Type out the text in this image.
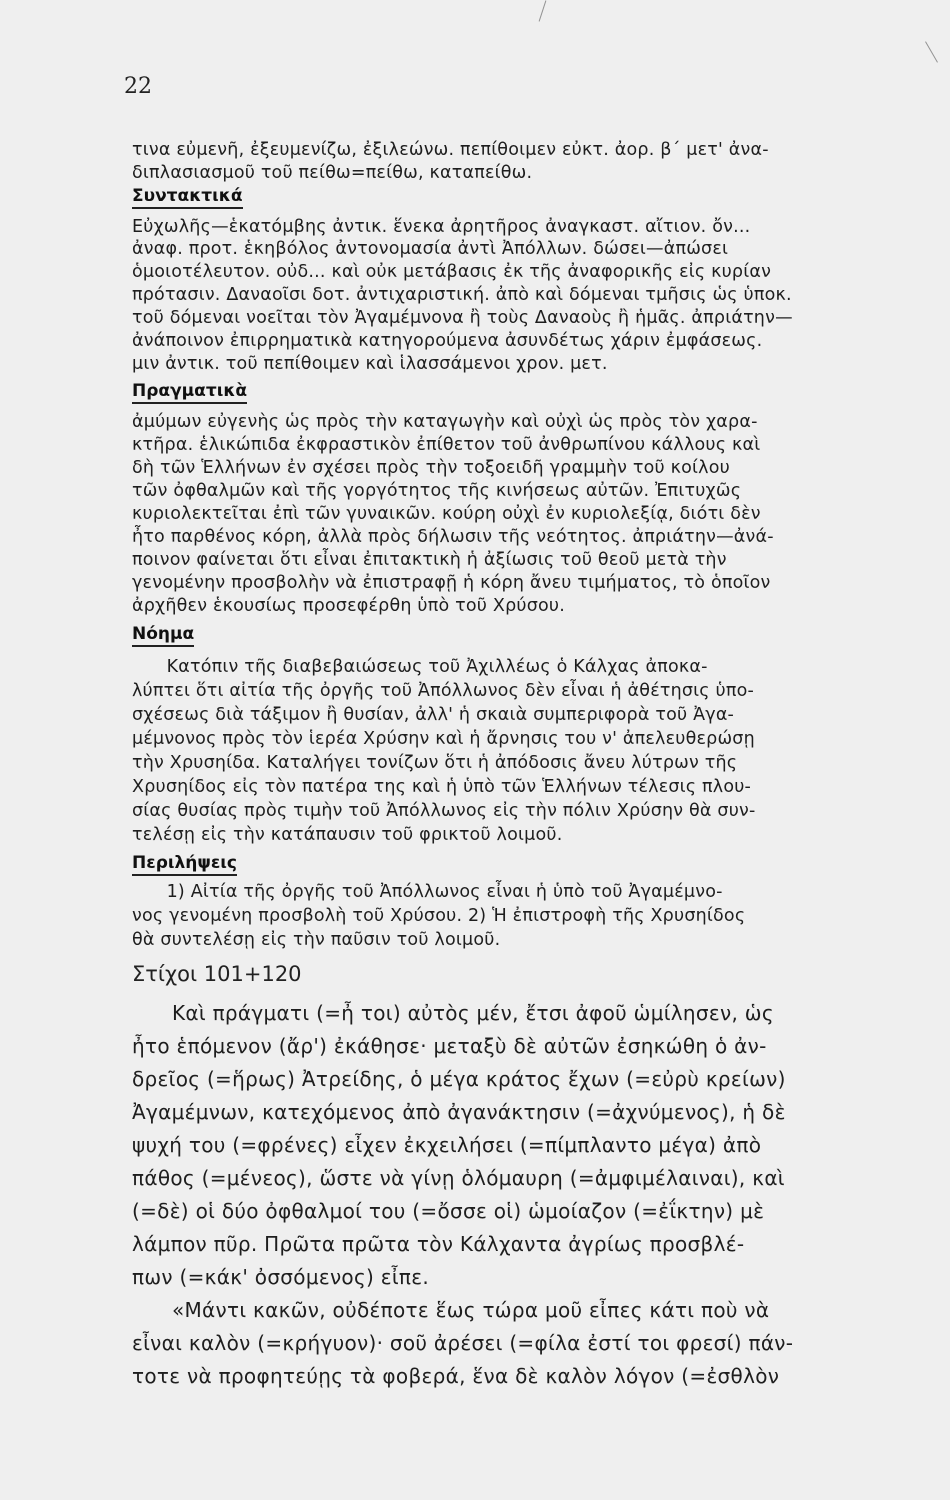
22
τινα εὐμενῆ, ἐξευμενίζω, ἐξιλεώνω. πεπίθοιμεν εὐκτ. ἀορ. β΄ μετ' ἀνα-
διπλασιασμοῦ τοῦ πείθω=πείθω, καταπείθω.
Συντακτικά
Εὐχωλῆς—ἑκατόμβης ἀντικ. ἕνεκα ἀρητῆρος ἀναγκαστ. αἴτιον. ὄν...
ἀναφ. προτ. ἑκηβόλος ἀντονομασία ἀντὶ Ἀπόλλων. δώσει—ἀπώσει
ὁμοιοτέλευτον. οὐδ... καὶ οὐκ μετάβασις ἐκ τῆς ἀναφορικῆς εἰς κυρίαν
πρότασιν. Δαναοῖσι δοτ. ἀντιχαριστική. ἀπὸ καὶ δόμεναι τμῆσις ὡς ὑποκ.
τοῦ δόμεναι νοεῖται τὸν Ἀγαμέμνονα ἢ τοὺς Δαναοὺς ἢ ἡμᾶς. ἀπριάτην—
ἀνάποινον ἐπιρρηματικὰ κατηγορούμενα ἀσυνδέτως χάριν ἐμφάσεως.
μιν ἀντικ. τοῦ πεπίθοιμεν καὶ ἱλασσάμενοι χρον. μετ.
Πραγματικὰ
ἀμύμων εὐγενὴς ὡς πρὸς τὴν καταγωγὴν καὶ οὐχὶ ὡς πρὸς τὸν χαρα-
κτῆρα. ἑλικώπιδα ἐκφραστικὸν ἐπίθετον τοῦ ἀνθρωπίνου κάλλους καὶ
δὴ τῶν Ἑλλήνων ἐν σχέσει πρὸς τὴν τοξοειδῆ γραμμὴν τοῦ κοίλου
τῶν ὀφθαλμῶν καὶ τῆς γοργότητος τῆς κινήσεως αὐτῶν. Ἐπιτυχῶς
κυριολεκτεῖται ἐπὶ τῶν γυναικῶν. κούρη οὐχὶ ἐν κυριολεξίᾳ, διότι δὲν
ἦτο παρθένος κόρη, ἀλλὰ πρὸς δήλωσιν τῆς νεότητος. ἀπριάτην—ἀνά-
ποινον φαίνεται ὅτι εἶναι ἐπιτακτικὴ ἡ ἀξίωσις τοῦ θεοῦ μετὰ τὴν
γενομένην προσβολὴν νὰ ἐπιστραφῇ ἡ κόρη ἄνευ τιμήματος, τὸ ὁποῖον
ἀρχῆθεν ἑκουσίως προσεφέρθη ὑπὸ τοῦ Χρύσου.
Νόημα
Κατόπιν τῆς διαβεβαιώσεως τοῦ Ἀχιλλέως ὁ Κάλχας ἀποκα-
λύπτει ὅτι αἰτία τῆς ὀργῆς τοῦ Ἀπόλλωνος δὲν εἶναι ἡ ἀθέτησις ὑπο-
σχέσεως διὰ τάξιμον ἢ θυσίαν, ἀλλ' ἡ σκαιὰ συμπεριφορὰ τοῦ Ἀγα-
μέμνονος πρὸς τὸν ἱερέα Χρύσην καὶ ἡ ἄρνησις του ν' ἀπελευθερώσῃ
τὴν Χρυσηίδα. Καταλήγει τονίζων ὅτι ἡ ἀπόδοσις ἄνευ λύτρων τῆς
Χρυσηίδος εἰς τὸν πατέρα της καὶ ἡ ὑπὸ τῶν Ἑλλήνων τέλεσις πλου-
σίας θυσίας πρὸς τιμὴν τοῦ Ἀπόλλωνος εἰς τὴν πόλιν Χρύσην θὰ συν-
τελέσῃ εἰς τὴν κατάπαυσιν τοῦ φρικτοῦ λοιμοῦ.
Περιλήψεις
1) Αἰτία τῆς ὀργῆς τοῦ Ἀπόλλωνος εἶναι ἡ ὑπὸ τοῦ Ἀγαμέμνο-
νος γενομένη προσβολὴ τοῦ Χρύσου. 2) Ἡ ἐπιστροφὴ τῆς Χρυσηίδος
θὰ συντελέσῃ εἰς τὴν παῦσιν τοῦ λοιμοῦ.
Στίχοι 101+120
Καὶ πράγματι (=ἦ τοι) αὐτὸς μέν, ἔτσι ἀφοῦ ὡμίλησεν, ὡς
ἦτο ἑπόμενον (ἄρ') ἐκάθησε· μεταξὺ δὲ αὐτῶν ἐσηκώθη ὁ ἀν-
δρεῖος (=ἥρως) Ἀτρείδης, ὁ μέγα κράτος ἔχων (=εὐρὺ κρείων)
Ἀγαμέμνων, κατεχόμενος ἀπὸ ἀγανάκτησιν (=ἀχνύμενος), ἡ δὲ
ψυχή του (=φρένες) εἶχεν ἐκχειλήσει (=πίμπλαντο μέγα) ἀπὸ
πάθος (=μένεος), ὥστε νὰ γίνῃ ὁλόμαυρη (=ἀμφιμέλαιναι), καὶ
(=δὲ) οἱ δύο ὀφθαλμοί του (=ὄσσε οἱ) ὡμοίαζον (=ἐΐκτην) μὲ
λάμπον πῦρ. Πρῶτα πρῶτα τὸν Κάλχαντα ἀγρίως προσβλέ-
πων (=κάκ' ὀσσόμενος) εἶπε.
«Μάντι κακῶν, οὐδέποτε ἕως τώρα μοῦ εἶπες κάτι ποὺ νὰ
εἶναι καλὸν (=κρήγυον)· σοῦ ἀρέσει (=φίλα ἐστί τοι φρεσί) πάν-
τοτε νὰ προφητεύῃς τὰ φοβερά, ἕνα δὲ καλὸν λόγον (=ἐσθλὸν
